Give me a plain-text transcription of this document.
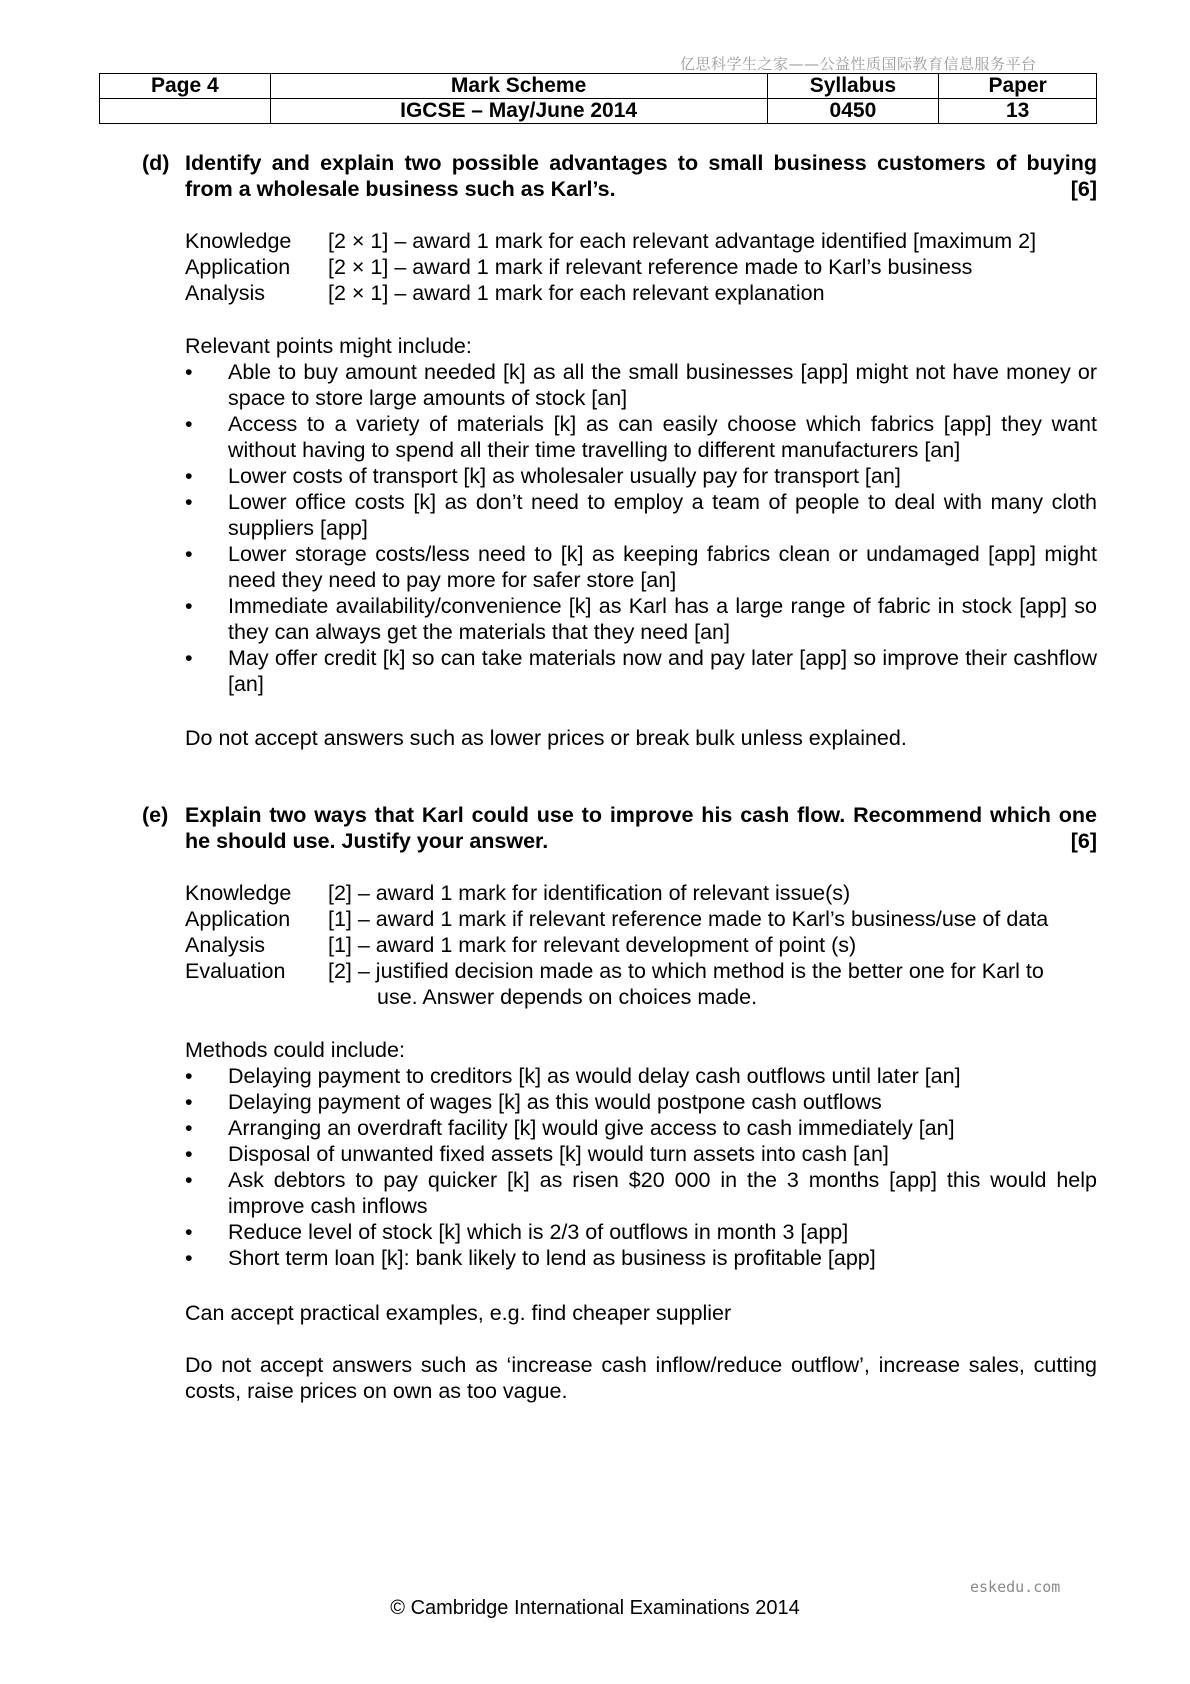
亿思科学生之家——公益性质国际教育信息服务平台
Page 4	Mark Scheme	Syllabus	Paper
	IGCSE – May/June 2014	0450	13
(d) Identify and explain two possible advantages to small business customers of buying from a wholesale business such as Karl’s.	[6]
Knowledge	[2 × 1] – award 1 mark for each relevant advantage identified [maximum 2]
Application	[2 × 1] – award 1 mark if relevant reference made to Karl’s business
Analysis	[2 × 1] – award 1 mark for each relevant explanation

Relevant points might include:

• Able to buy amount needed [k] as all the small businesses [app] might not have money or space to store large amounts of stock [an]
• Access to a variety of materials [k] as can easily choose which fabrics [app] they want without having to spend all their time travelling to different manufacturers [an]
• Lower costs of transport [k] as wholesaler usually pay for transport [an]
• Lower office costs [k] as don’t need to employ a team of people to deal with many cloth suppliers [app]
• Lower storage costs/less need to [k] as keeping fabrics clean or undamaged [app] might need they need to pay more for safer store [an]
• Immediate availability/convenience [k] as Karl has a large range of fabric in stock [app] so they can always get the materials that they need [an]
• May offer credit [k] so can take materials now and pay later [app] so improve their cashflow [an]

Do not accept answers such as lower prices or break bulk unless explained.

(e) Explain two ways that Karl could use to improve his cash flow. Recommend which one he should use. Justify your answer.	[6]
Knowledge	[2] – award 1 mark for identification of relevant issue(s)
Application	[1] – award 1 mark if relevant reference made to Karl’s business/use of data
Analysis	[1] – award 1 mark for relevant development of point (s)
Evaluation	[2] – justified decision made as to which method is the better one for Karl to
use. Answer depends on choices made.

Methods could include:

• Delaying payment to creditors [k] as would delay cash outflows until later [an]
• Delaying payment of wages [k] as this would postpone cash outflows
• Arranging an overdraft facility [k] would give access to cash immediately [an]
• Disposal of unwanted fixed assets [k] would turn assets into cash [an]
• Ask debtors to pay quicker [k] as risen $20 000 in the 3 months [app] this would help improve cash inflows
• Reduce level of stock [k] which is 2/3 of outflows in month 3 [app]
• Short term loan [k]: bank likely to lend as business is profitable [app]

Can accept practical examples, e.g. find cheaper supplier

Do not accept answers such as ‘increase cash inflow/reduce outflow’, increase sales, cutting costs, raise prices on own as too vague.

eskedu.com
© Cambridge International Examinations 2014
